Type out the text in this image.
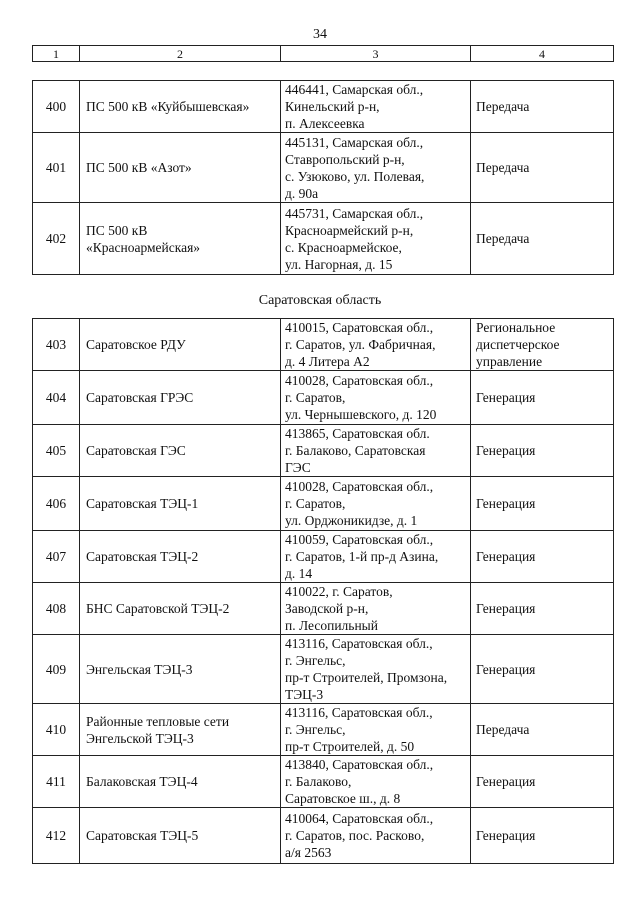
34
1	2	3	4
400	ПС 500 кВ «Куйбышевская»	446441, Самарская обл.,
Кинельский р-н,
п. Алексеевка	Передача

401	ПС 500 кВ «Азот»	445131, Самарская обл.,
Ставропольский р-н,
с. Узюково, ул. Полевая,
д. 90а	Передача

402	ПС 500 кВ
«Красноармейская»	445731, Самарская обл.,
Красноармейский р-н,
с. Красноармейское,
ул. Нагорная, д. 15	Передача
Саратовская область
403	Саратовское РДУ	410015, Саратовская обл.,
г. Саратов, ул. Фабричная,
д. 4 Литера А2	Региональное
диспетчерское
управление

404	Саратовская ГРЭС	410028, Саратовская обл.,
г. Саратов,
ул. Чернышевского, д. 120	Генерация

405	Саратовская ГЭС	413865, Саратовская обл.
г. Балаково, Саратовская
ГЭС	Генерация

406	Саратовская ТЭЦ-1	410028, Саратовская обл.,
г. Саратов,
ул. Орджоникидзе, д. 1	Генерация

407	Саратовская ТЭЦ-2	410059, Саратовская обл.,
г. Саратов, 1-й пр-д Азина,
д. 14	Генерация

408	БНС Саратовской ТЭЦ-2	410022, г. Саратов,
Заводской р-н,
п. Лесопильный	Генерация

409	Энгельская ТЭЦ-3	413116, Саратовская обл.,
г. Энгельс,
пр-т Строителей, Промзона,
ТЭЦ-3	Генерация

410	Районные тепловые сети
Энгельской ТЭЦ-3	413116, Саратовская обл.,
г. Энгельс,
пр-т Строителей, д. 50	Передача

411	Балаковская ТЭЦ-4	413840, Саратовская обл.,
г. Балаково,
Саратовское ш., д. 8	Генерация

412	Саратовская ТЭЦ-5	410064, Саратовская обл.,
г. Саратов, пос. Расково,
а/я 2563	Генерация
